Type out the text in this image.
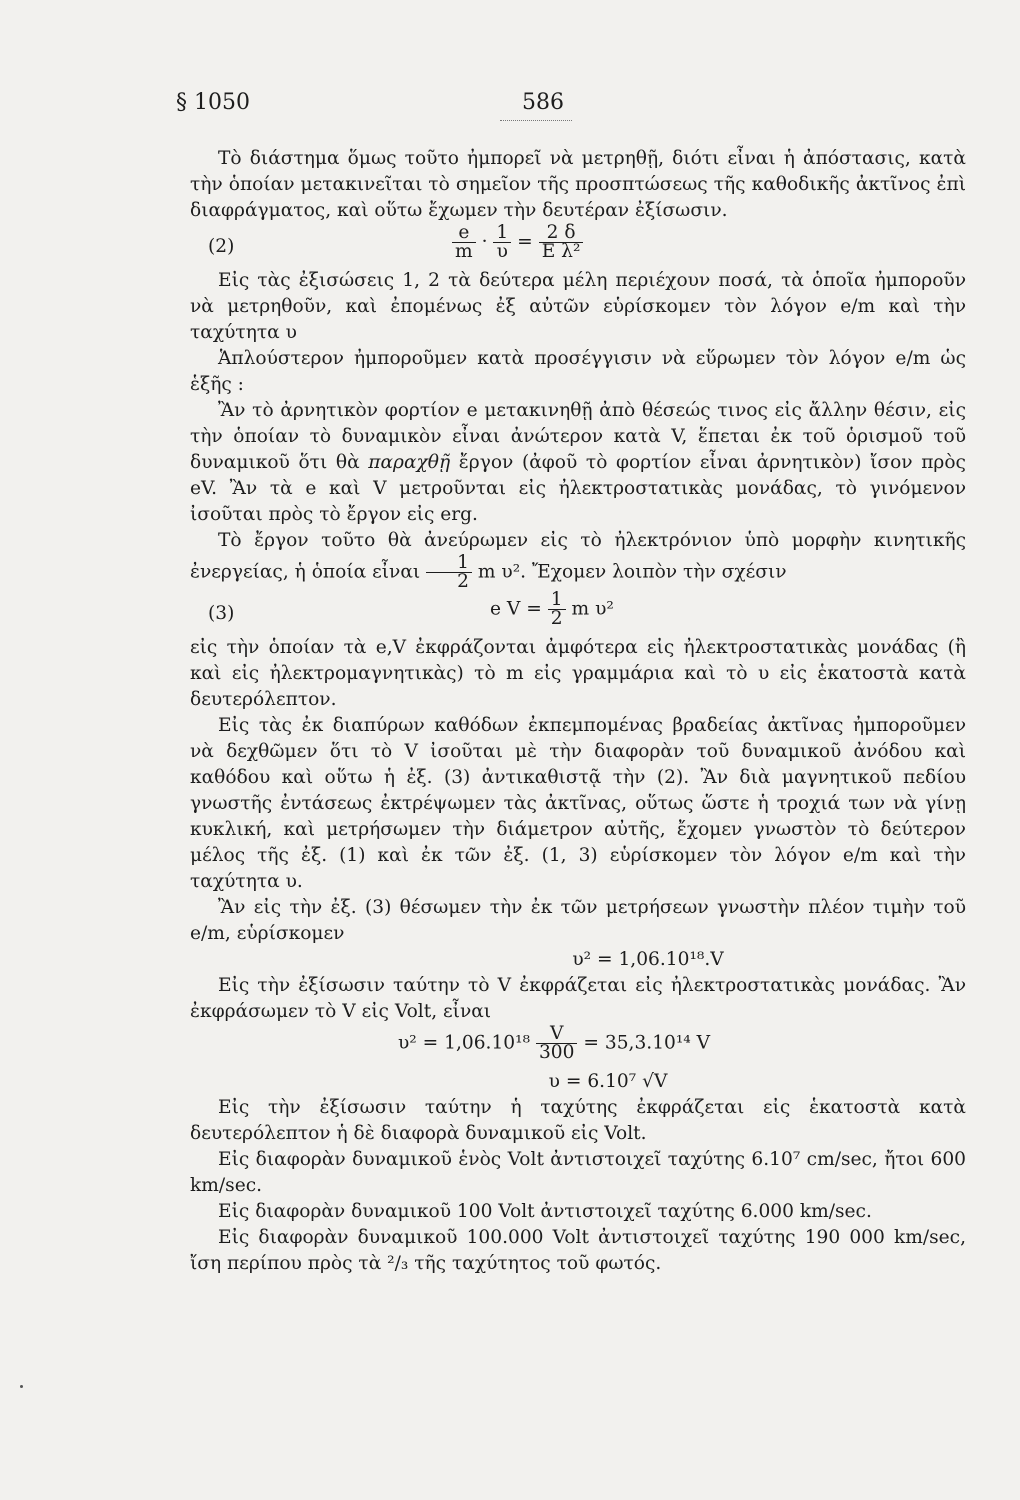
§ 1050	586

Τὸ διάστημα ὅμως τοῦτο ἠμπορεῖ νὰ μετρηθῇ, διότι εἶναι ἡ ἀπόστασις, κατὰ τὴν ὁποίαν μετακινεῖται τὸ σημεῖον τῆς προσπτώσεως τῆς καθοδικῆς ἀκτῖνος ἐπὶ διαφράγματος, καὶ οὕτω ἔχωμεν τὴν δευτέραν ἐξίσωσιν.

(2)	$\frac{e}{m} \cdot \frac{1}{\upsilon} = \frac{2 \delta}{\text{E λ²}}$

Εἰς τὰς ἐξισώσεις 1, 2 τὰ δεύτερα μέλη περιέχουν ποσά, τὰ ὁποῖα ἠμποροῦν νὰ μετρηθοῦν, καὶ ἐπομένως ἐξ αὐτῶν εὑρίσκομεν τὸν λόγον e/m καὶ τὴν ταχύτητα υ

Ἁπλούστερον ἠμποροῦμεν κατὰ προσέγγισιν νὰ εὕρωμεν τὸν λόγον e/m ὡς ἑξῆς :

Ἂν τὸ ἀρνητικὸν φορτίον e μετακινηθῇ ἀπὸ θέσεώς τινος εἰς ἄλλην θέσιν, εἰς τὴν ὁποίαν τὸ δυναμικὸν εἶναι ἀνώτερον κατὰ V, ἕπεται ἐκ τοῦ ὁρισμοῦ τοῦ δυναμικοῦ ὅτι θὰ παραχθῇ ἔργον (ἀφοῦ τὸ φορτίον εἶναι ἀρνητικὸν) ἴσον πρὸς eV. Ἂν τὰ e καὶ V μετροῦνται εἰς ἠλεκτροστατικὰς μονάδας, τὸ γινόμενον ἰσοῦται πρὸς τὸ ἔργον εἰς erg.

Τὸ ἔργον τοῦτο θὰ ἀνεύρωμεν εἰς τὸ ἠλεκτρόνιον ὑπὸ μορφὴν κινητικῆς ἐνεργείας, ἡ ὁποία εἶναι $\frac{1}{2}$ m υ². Ἔχομεν λοιπὸν τὴν σχέσιν

(3)	e $V = \frac{1}{2}$ m υ²

εἰς τὴν ὁποίαν τὰ e,V ἐκφράζονται ἀμφότερα εἰς ἠλεκτροστατικὰς μονάδας (ἢ καὶ εἰς ἠλεκτρομαγνητικὰς) τὸ m εἰς γραμμάρια καὶ τὸ υ εἰς ἑκατοστὰ κατὰ δευτερόλεπτον.

Εἰς τὰς ἐκ διαπύρων καθόδων ἐκπεμπομένας βραδείας ἀκτῖνας ἠμποροῦμεν νὰ δεχθῶμεν ὅτι τὸ V ἰσοῦται μὲ τὴν διαφορὰν τοῦ δυναμικοῦ ἀνόδου καὶ καθόδου καὶ οὕτω ἡ ἐξ. (3) ἀντικαθιστᾷ τὴν (2). Ἂν διὰ μαγνητικοῦ πεδίου γνωστῆς ἐντάσεως ἐκτρέψωμεν τὰς ἀκτῖνας, οὕτως ὥστε ἡ τροχιά των νὰ γίνῃ κυκλική, καὶ μετρήσωμεν τὴν διάμετρον αὐτῆς, ἔχομεν γνωστὸν τὸ δεύτερον μέλος τῆς ἐξ. (1) καὶ ἐκ τῶν ἐξ. (1, 3) εὑρίσκομεν τὸν λόγον e/m καὶ τὴν ταχύτητα υ.

Ἂν εἰς τὴν ἐξ. (3) θέσωμεν τὴν ἐκ τῶν μετρήσεων γνωστὴν πλέον τιμὴν τοῦ e/m, εὑρίσκομεν

υ² = 1,06.10¹⁸.V

Εἰς τὴν ἐξίσωσιν ταύτην τὸ V ἐκφράζεται εἰς ἠλεκτροστατικὰς μονάδας. Ἂν ἐκφράσωμεν τὸ V εἰς Volt, εἶναι

$\upsilon^2 = 1,06.10^{18} \frac{V}{300} = 35,3.10^{14}$ V

υ = 6.10⁷ √V

Εἰς τὴν ἐξίσωσιν ταύτην ἡ ταχύτης ἐκφράζεται εἰς ἑκατοστὰ κατὰ δευτερόλεπτον ἡ δὲ διαφορὰ δυναμικοῦ εἰς Volt.

Εἰς διαφορὰν δυναμικοῦ ἑνὸς Volt ἀντιστοιχεῖ ταχύτης 6.10⁷ cm/sec, ἤτοι 600 km/sec.

Εἰς διαφορὰν δυναμικοῦ 100 Volt ἀντιστοιχεῖ ταχύτης 6.000 km/sec.

Εἰς διαφορὰν δυναμικοῦ 100.000 Volt ἀντιστοιχεῖ ταχύτης 190 000 km/sec, ἴση περίπου πρὸς τὰ ²/₃ τῆς ταχύτητος τοῦ φωτός.
